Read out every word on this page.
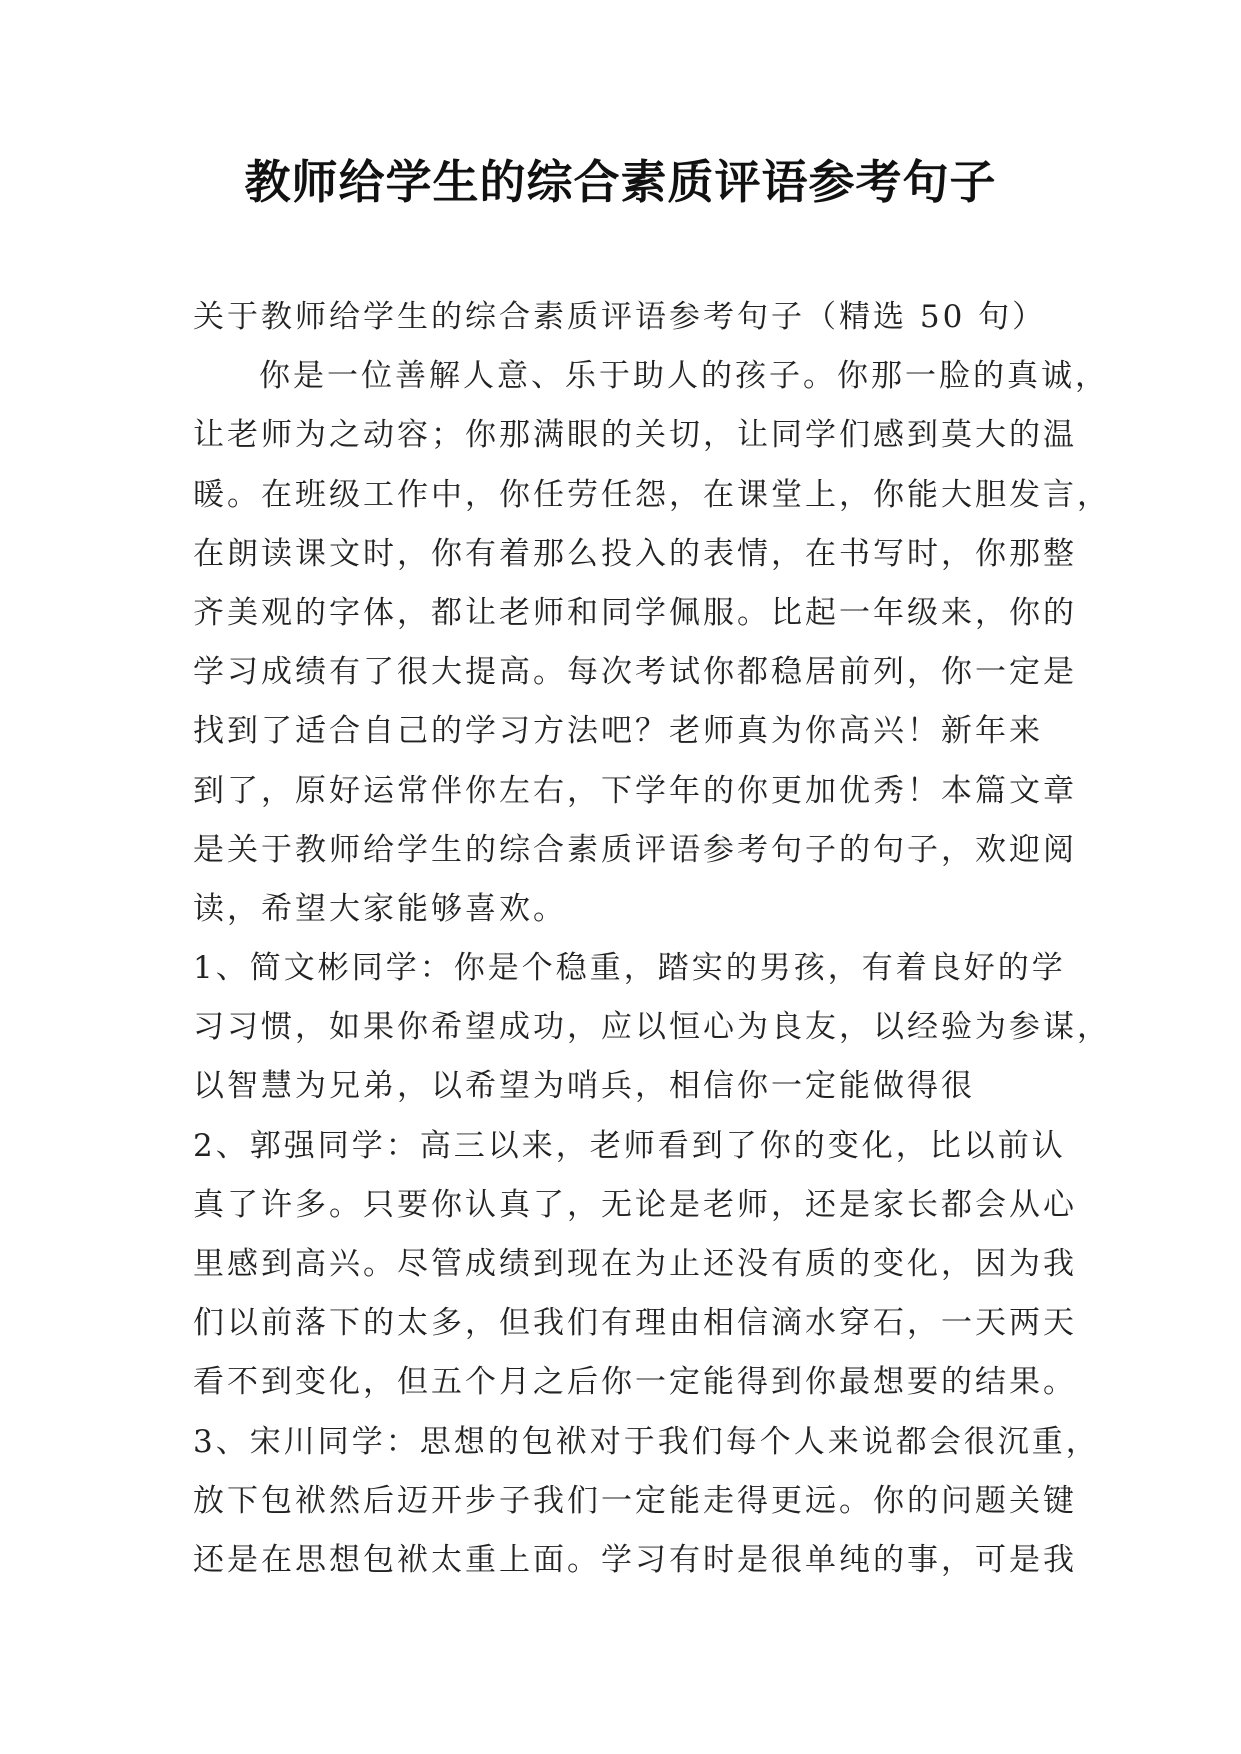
教师给学生的综合素质评语参考句子
关于教师给学生的综合素质评语参考句子（精选 50 句）
你是一位善解人意、乐于助人的孩子。你那一脸的真诚，
让老师为之动容；你那满眼的关切，让同学们感到莫大的温
暖。在班级工作中，你任劳任怨，在课堂上，你能大胆发言，
在朗读课文时，你有着那么投入的表情，在书写时，你那整
齐美观的字体，都让老师和同学佩服。比起一年级来，你的
学习成绩有了很大提高。每次考试你都稳居前列，你一定是
找到了适合自己的学习方法吧？老师真为你高兴！新年来
到了，原好运常伴你左右，下学年的你更加优秀！本篇文章
是关于教师给学生的综合素质评语参考句子的句子，欢迎阅
读，希望大家能够喜欢。
1、简文彬同学：你是个稳重，踏实的男孩，有着良好的学
习习惯，如果你希望成功，应以恒心为良友，以经验为参谋，
以智慧为兄弟，以希望为哨兵，相信你一定能做得很
2、郭强同学：高三以来，老师看到了你的变化，比以前认
真了许多。只要你认真了，无论是老师，还是家长都会从心
里感到高兴。尽管成绩到现在为止还没有质的变化，因为我
们以前落下的太多，但我们有理由相信滴水穿石，一天两天
看不到变化，但五个月之后你一定能得到你最想要的结果。
3、宋川同学：思想的包袱对于我们每个人来说都会很沉重，
放下包袱然后迈开步子我们一定能走得更远。你的问题关键
还是在思想包袱太重上面。学习有时是很单纯的事，可是我
